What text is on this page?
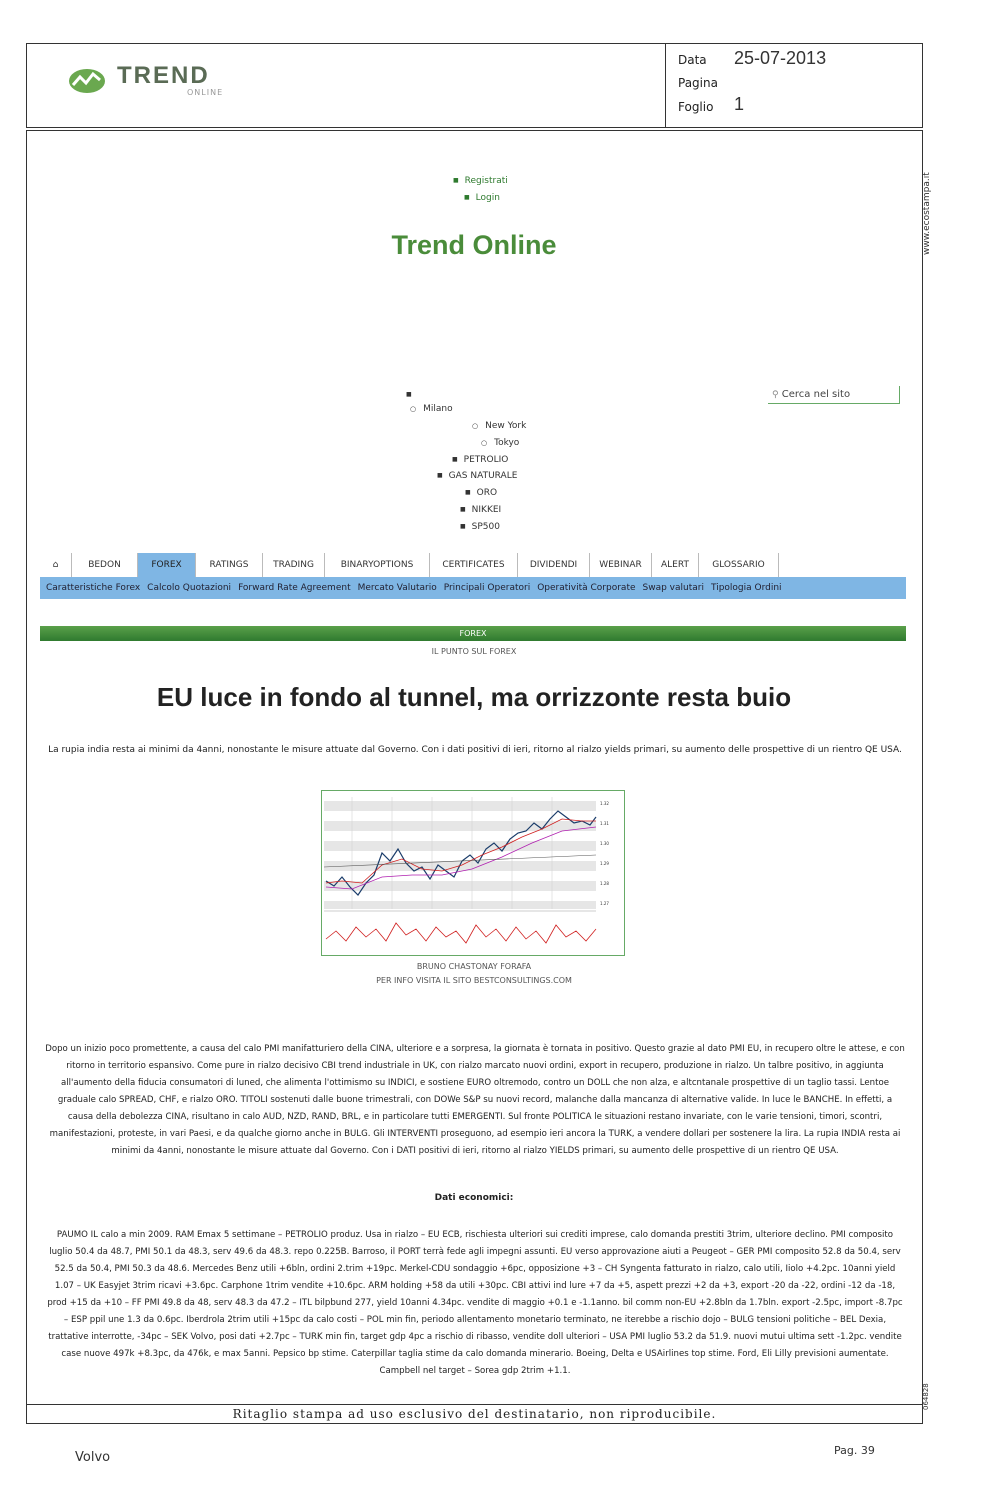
TREND
ONLINE
Data 25-07-2013
Pagina
Foglio 1
www.ecostampa.it
064828
■ Registrati
■ Login
Trend Online
⚲ Cerca nel sito
■
○ Milano
○ New York
○ Tokyo
■ PETROLIO
■ GAS NATURALE
■ ORO
■ NIKKEI
■ SP500
⌂	BEDON	FOREX	RATINGS	TRADING	BINARYOPTIONS	CERTIFICATES	DIVIDENDI	WEBINAR	ALERT	GLOSSARIO
Caratteristiche Forex Calcolo Quotazioni Forward Rate Agreement Mercato Valutario Principali Operatori Operatività Corporate Swap valutari Tipologia Ordini
FOREX
IL PUNTO SUL FOREX
EU luce in fondo al tunnel, ma orrizzonte resta buio
La rupia india resta ai minimi da 4anni, nonostante le misure attuate dal Governo. Con i dati positivi di ieri, ritorno al rialzo yields primari, su aumento delle prospettive di un rientro QE USA.
1.32
1.31
1.30
1.29
1.28
1.27
BRUNO CHASTONAY FORAFA
PER INFO VISITA IL SITO BESTCONSULTINGS.COM
Dopo un inizio poco promettente, a causa del calo PMI manifatturiero della CINA, ulteriore e a sorpresa, la giornata è tornata in positivo. Questo grazie al dato PMI EU, in recupero oltre le attese, e con ritorno in territorio espansivo. Come pure in rialzo decisivo CBI trend industriale in UK, con rialzo marcato nuovi ordini, export in recupero, produzione in rialzo. Un talbre positivo, in aggiunta all'aumento della fiducia consumatori di luned, che alimenta l'ottimismo su INDICI, e sostiene EURO oltremodo, contro un DOLL che non alza, e altcntanale prospettive di un taglio tassi. Lentoe graduale calo SPREAD, CHF, e rialzo ORO. TITOLI sostenuti dalle buone trimestrali, con DOWe S&P su nuovi record, malanche dalla mancanza di alternative valide. In luce le BANCHE. In effetti, a causa della debolezza CINA, risultano in calo AUD, NZD, RAND, BRL, e in particolare tutti EMERGENTI. Sul fronte POLITICA le situazioni restano invariate, con le varie tensioni, timori, scontri, manifestazioni, proteste, in vari Paesi, e da qualche giorno anche in BULG. Gli INTERVENTI proseguono, ad esempio ieri ancora la TURK, a vendere dollari per sostenere la lira. La rupia INDIA resta ai minimi da 4anni, nonostante le misure attuate dal Governo. Con i DATI positivi di ieri, ritorno al rialzo YIELDS primari, su aumento delle prospettive di un rientro QE USA.
Dati economici:
PAUMO IL calo a min 2009. RAM Emax 5 settimane – PETROLIO produz. Usa in rialzo – EU ECB, rischiesta ulteriori sui crediti imprese, calo domanda prestiti 3trim, ulteriore declino. PMI composito luglio 50.4 da 48.7, PMI 50.1 da 48.3, serv 49.6 da 48.3. repo 0.225B. Barroso, il PORT terrà fede agli impegni assunti. EU verso approvazione aiuti a Peugeot – GER PMI composito 52.8 da 50.4, serv 52.5 da 50.4, PMI 50.3 da 48.6. Mercedes Benz utili +6bln, ordini 2.trim +19pc. Merkel-CDU sondaggio +6pc, opposizione +3 – CH Syngenta fatturato in rialzo, calo utili, Iiolo +4.2pc. 10anni yield 1.07 – UK Easyjet 3trim ricavi +3.6pc. Carphone 1trim vendite +10.6pc. ARM holding +58 da utili +30pc. CBI attivi ind lure +7 da +5, aspett prezzi +2 da +3, export -20 da -22, ordini -12 da -18, prod +15 da +10 – FF PMI 49.8 da 48, serv 48.3 da 47.2 – ITL bilpbund 277, yield 10anni 4.34pc. vendite di maggio +0.1 e -1.1anno. bil comm non-EU +2.8bln da 1.7bln. export -2.5pc, import -8.7pc – ESP ppil une 1.3 da 0.6pc. Iberdrola 2trim utili +15pc da calo costi – POL min fin, periodo allentamento monetario terminato, ne iterebbe a rischio dojo – BULG tensioni politiche – BEL Dexia, trattative interrotte, -34pc – SEK Volvo, posi dati +2.7pc – TURK min fin, target gdp 4pc a rischio di ribasso, vendite doll ulteriori – USA PMI luglio 53.2 da 51.9. nuovi mutui ultima sett -1.2pc. vendite case nuove 497k +8.3pc, da 476k, e max 5anni. Pepsico bp stime. Caterpillar taglia stime da calo domanda minerario. Boeing, Delta e USAirlines top stime. Ford, Eli Lilly previsioni aumentate. Campbell nel target – Sorea gdp 2trim +1.1.
Ritaglio stampa ad uso esclusivo del destinatario, non riproducibile.
Volvo	Pag. 39
